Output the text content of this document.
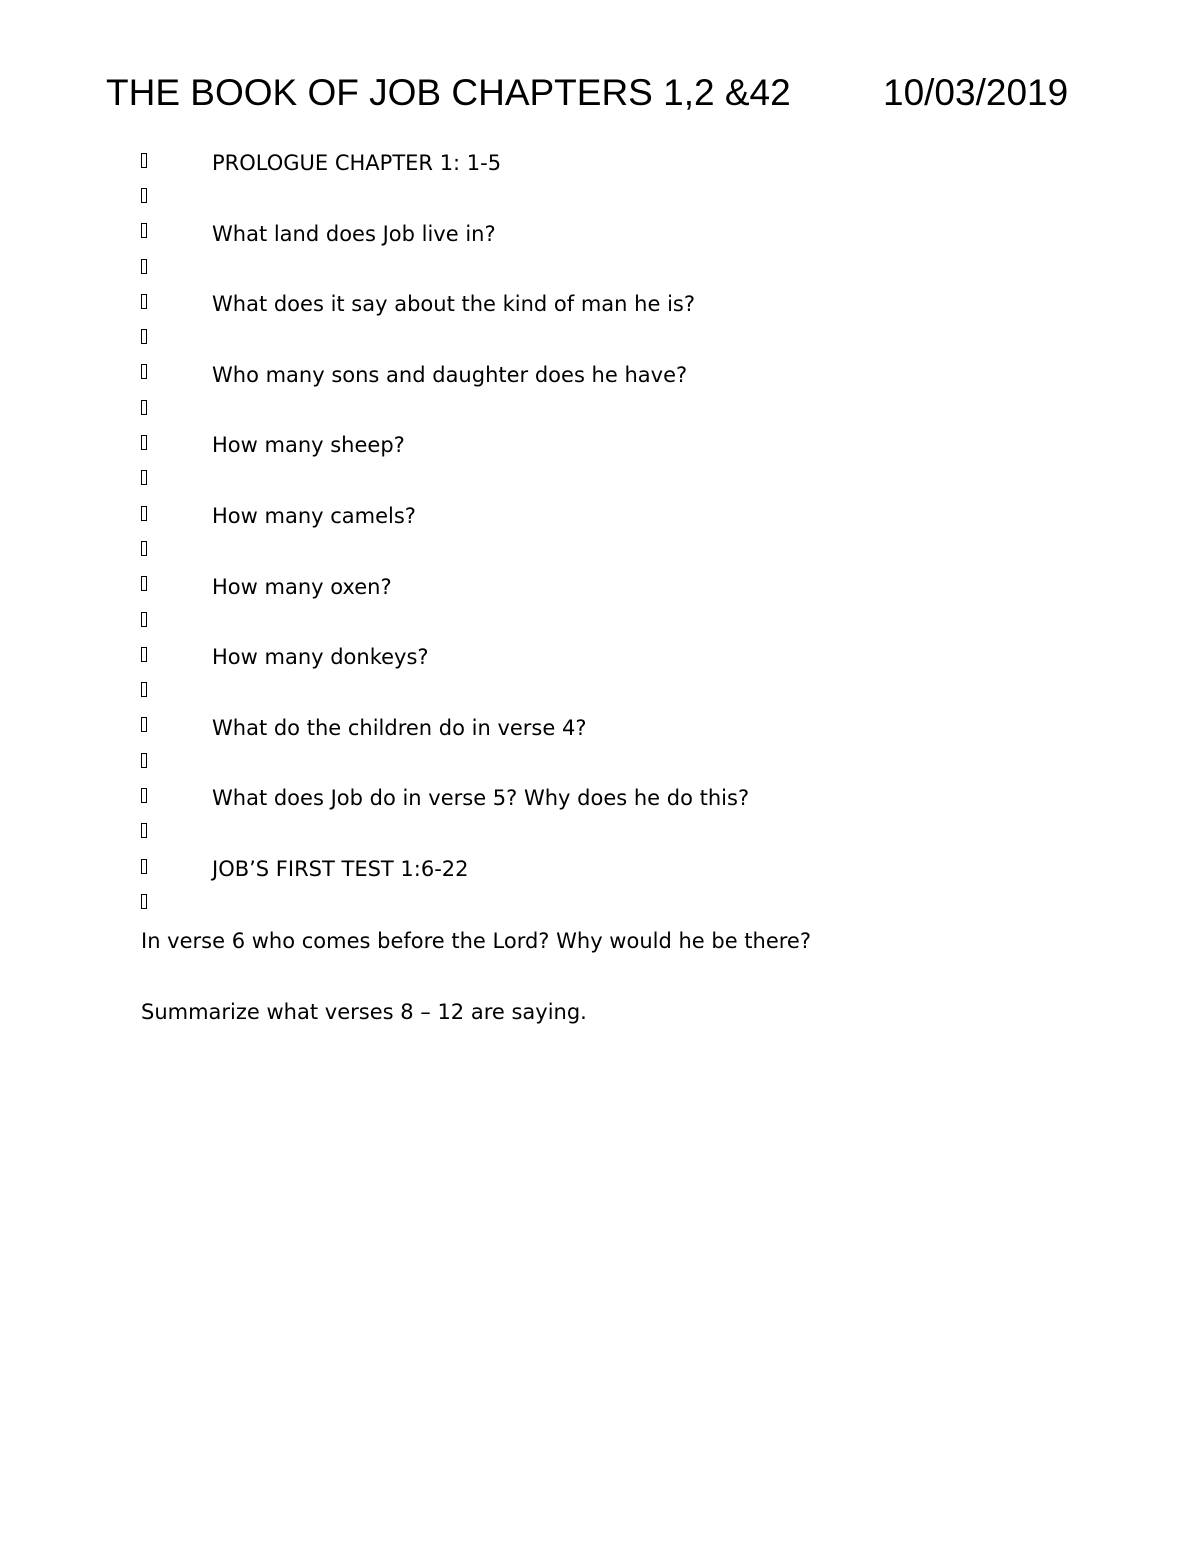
THE BOOK OF JOB CHAPTERS 1,2 &42 10/03/2019
PROLOGUE CHAPTER 1: 1-5
What land does Job live in?
What does it say about the kind of man he is?
Who many sons and daughter does he have?
How many sheep?
How many camels?
How many oxen?
How many donkeys?
What do the children do in verse 4?
What does Job do in verse 5? Why does he do this?
JOB’S FIRST TEST 1:6-22
In verse 6 who comes before the Lord? Why would he be there?
Summarize what verses 8 – 12 are saying.
